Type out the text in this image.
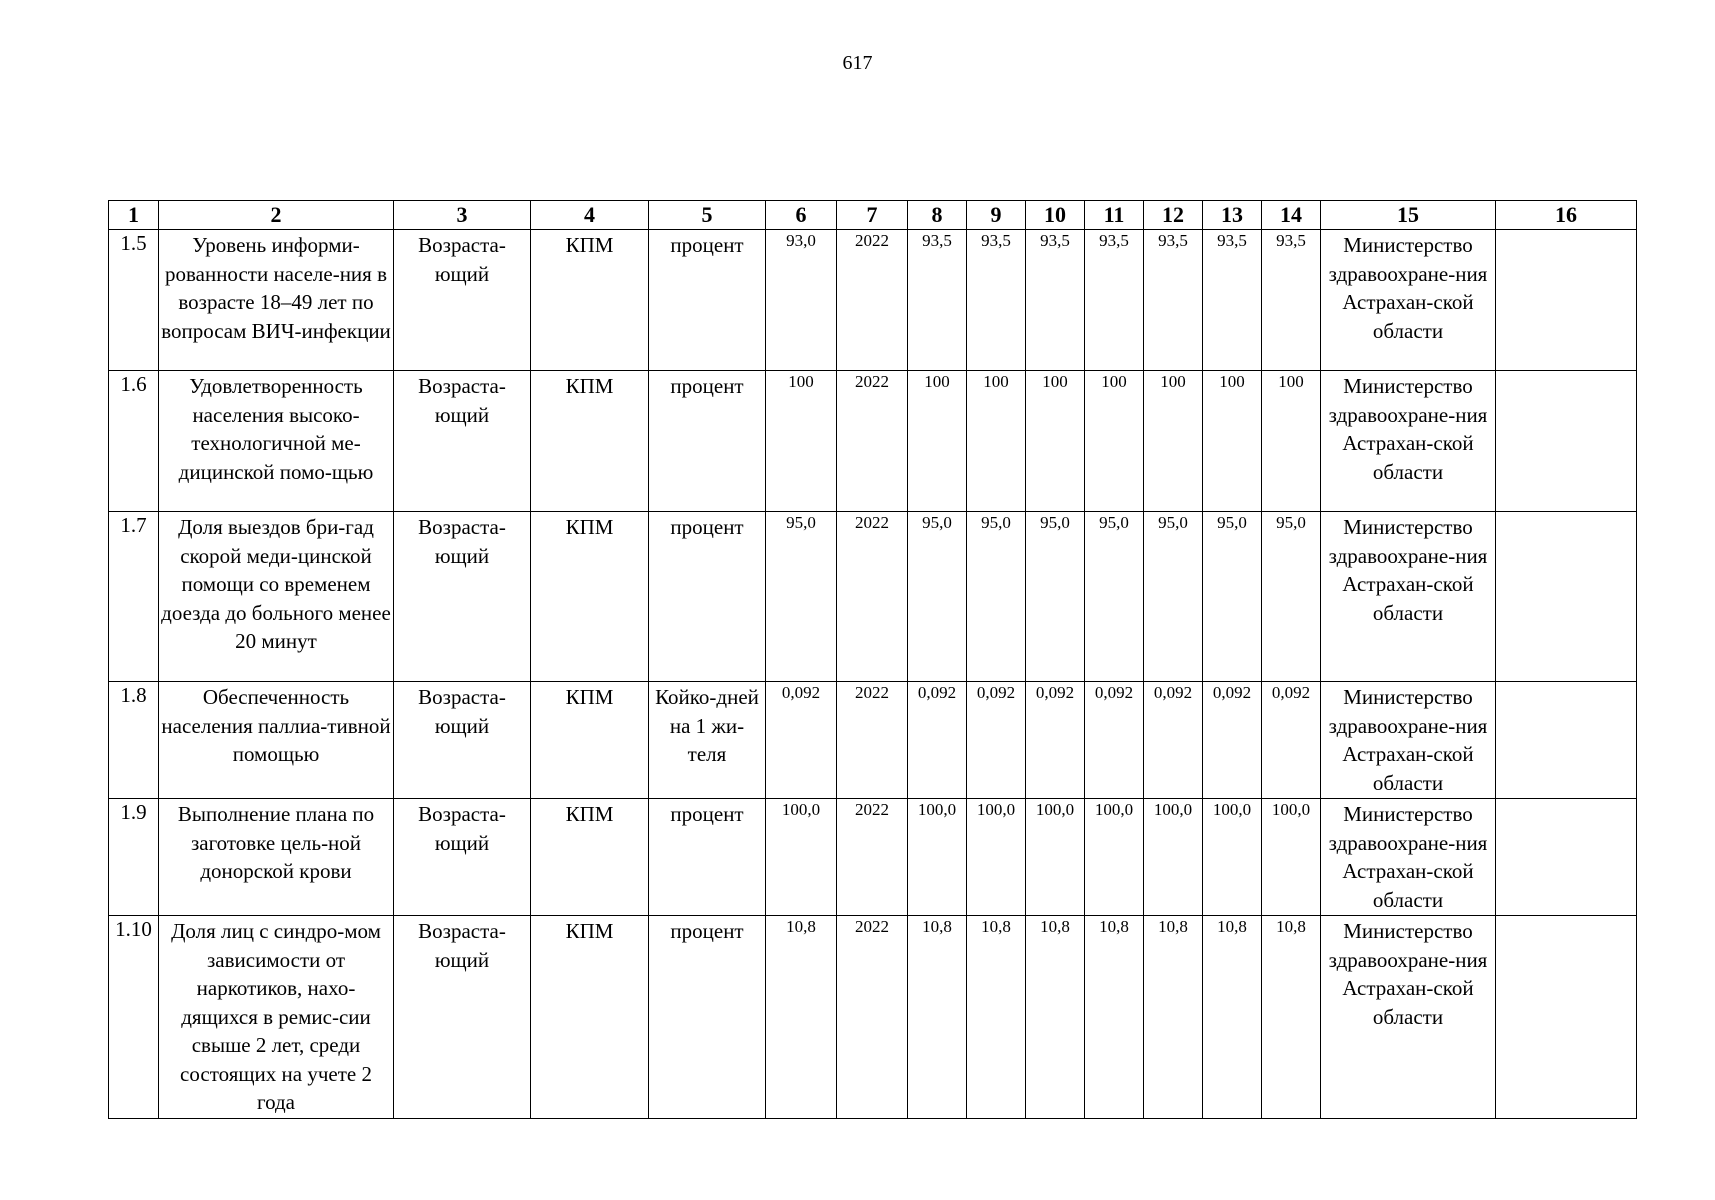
617
1	2	3	4	5	6	7	8	9	10	11	12	13	14	15	16
1.5	Уровень информи-рованности населе-ния в возрасте 18–49 лет по вопросам ВИЧ-инфекции	Возраста-ющий	КПМ	процент	93,0	2022	93,5	93,5	93,5	93,5	93,5	93,5	93,5	Министерство здравоохране-ния Астрахан-ской области	
1.6	Удовлетворенность населения высоко-технологичной ме-дицинской помо-щью	Возраста-ющий	КПМ	процент	100	2022	100	100	100	100	100	100	100	Министерство здравоохране-ния Астрахан-ской области	
1.7	Доля выездов бри-гад скорой меди-цинской помощи со временем доезда до больного менее 20 минут	Возраста-ющий	КПМ	процент	95,0	2022	95,0	95,0	95,0	95,0	95,0	95,0	95,0	Министерство здравоохране-ния Астрахан-ской области	
1.8	Обеспеченность населения паллиа-тивной помощью	Возраста-ющий	КПМ	Койко-дней на 1 жи-теля	0,092	2022	0,092	0,092	0,092	0,092	0,092	0,092	0,092	Министерство здравоохране-ния Астрахан-ской области	
1.9	Выполнение плана по заготовке цель-ной донорской крови	Возраста-ющий	КПМ	процент	100,0	2022	100,0	100,0	100,0	100,0	100,0	100,0	100,0	Министерство здравоохране-ния Астрахан-ской области	
1.10	Доля лиц с синдро-мом зависимости от наркотиков, нахо-дящихся в ремис-сии свыше 2 лет, среди состоящих на учете 2 года	Возраста-ющий	КПМ	процент	10,8	2022	10,8	10,8	10,8	10,8	10,8	10,8	10,8	Министерство здравоохране-ния Астрахан-ской области	
